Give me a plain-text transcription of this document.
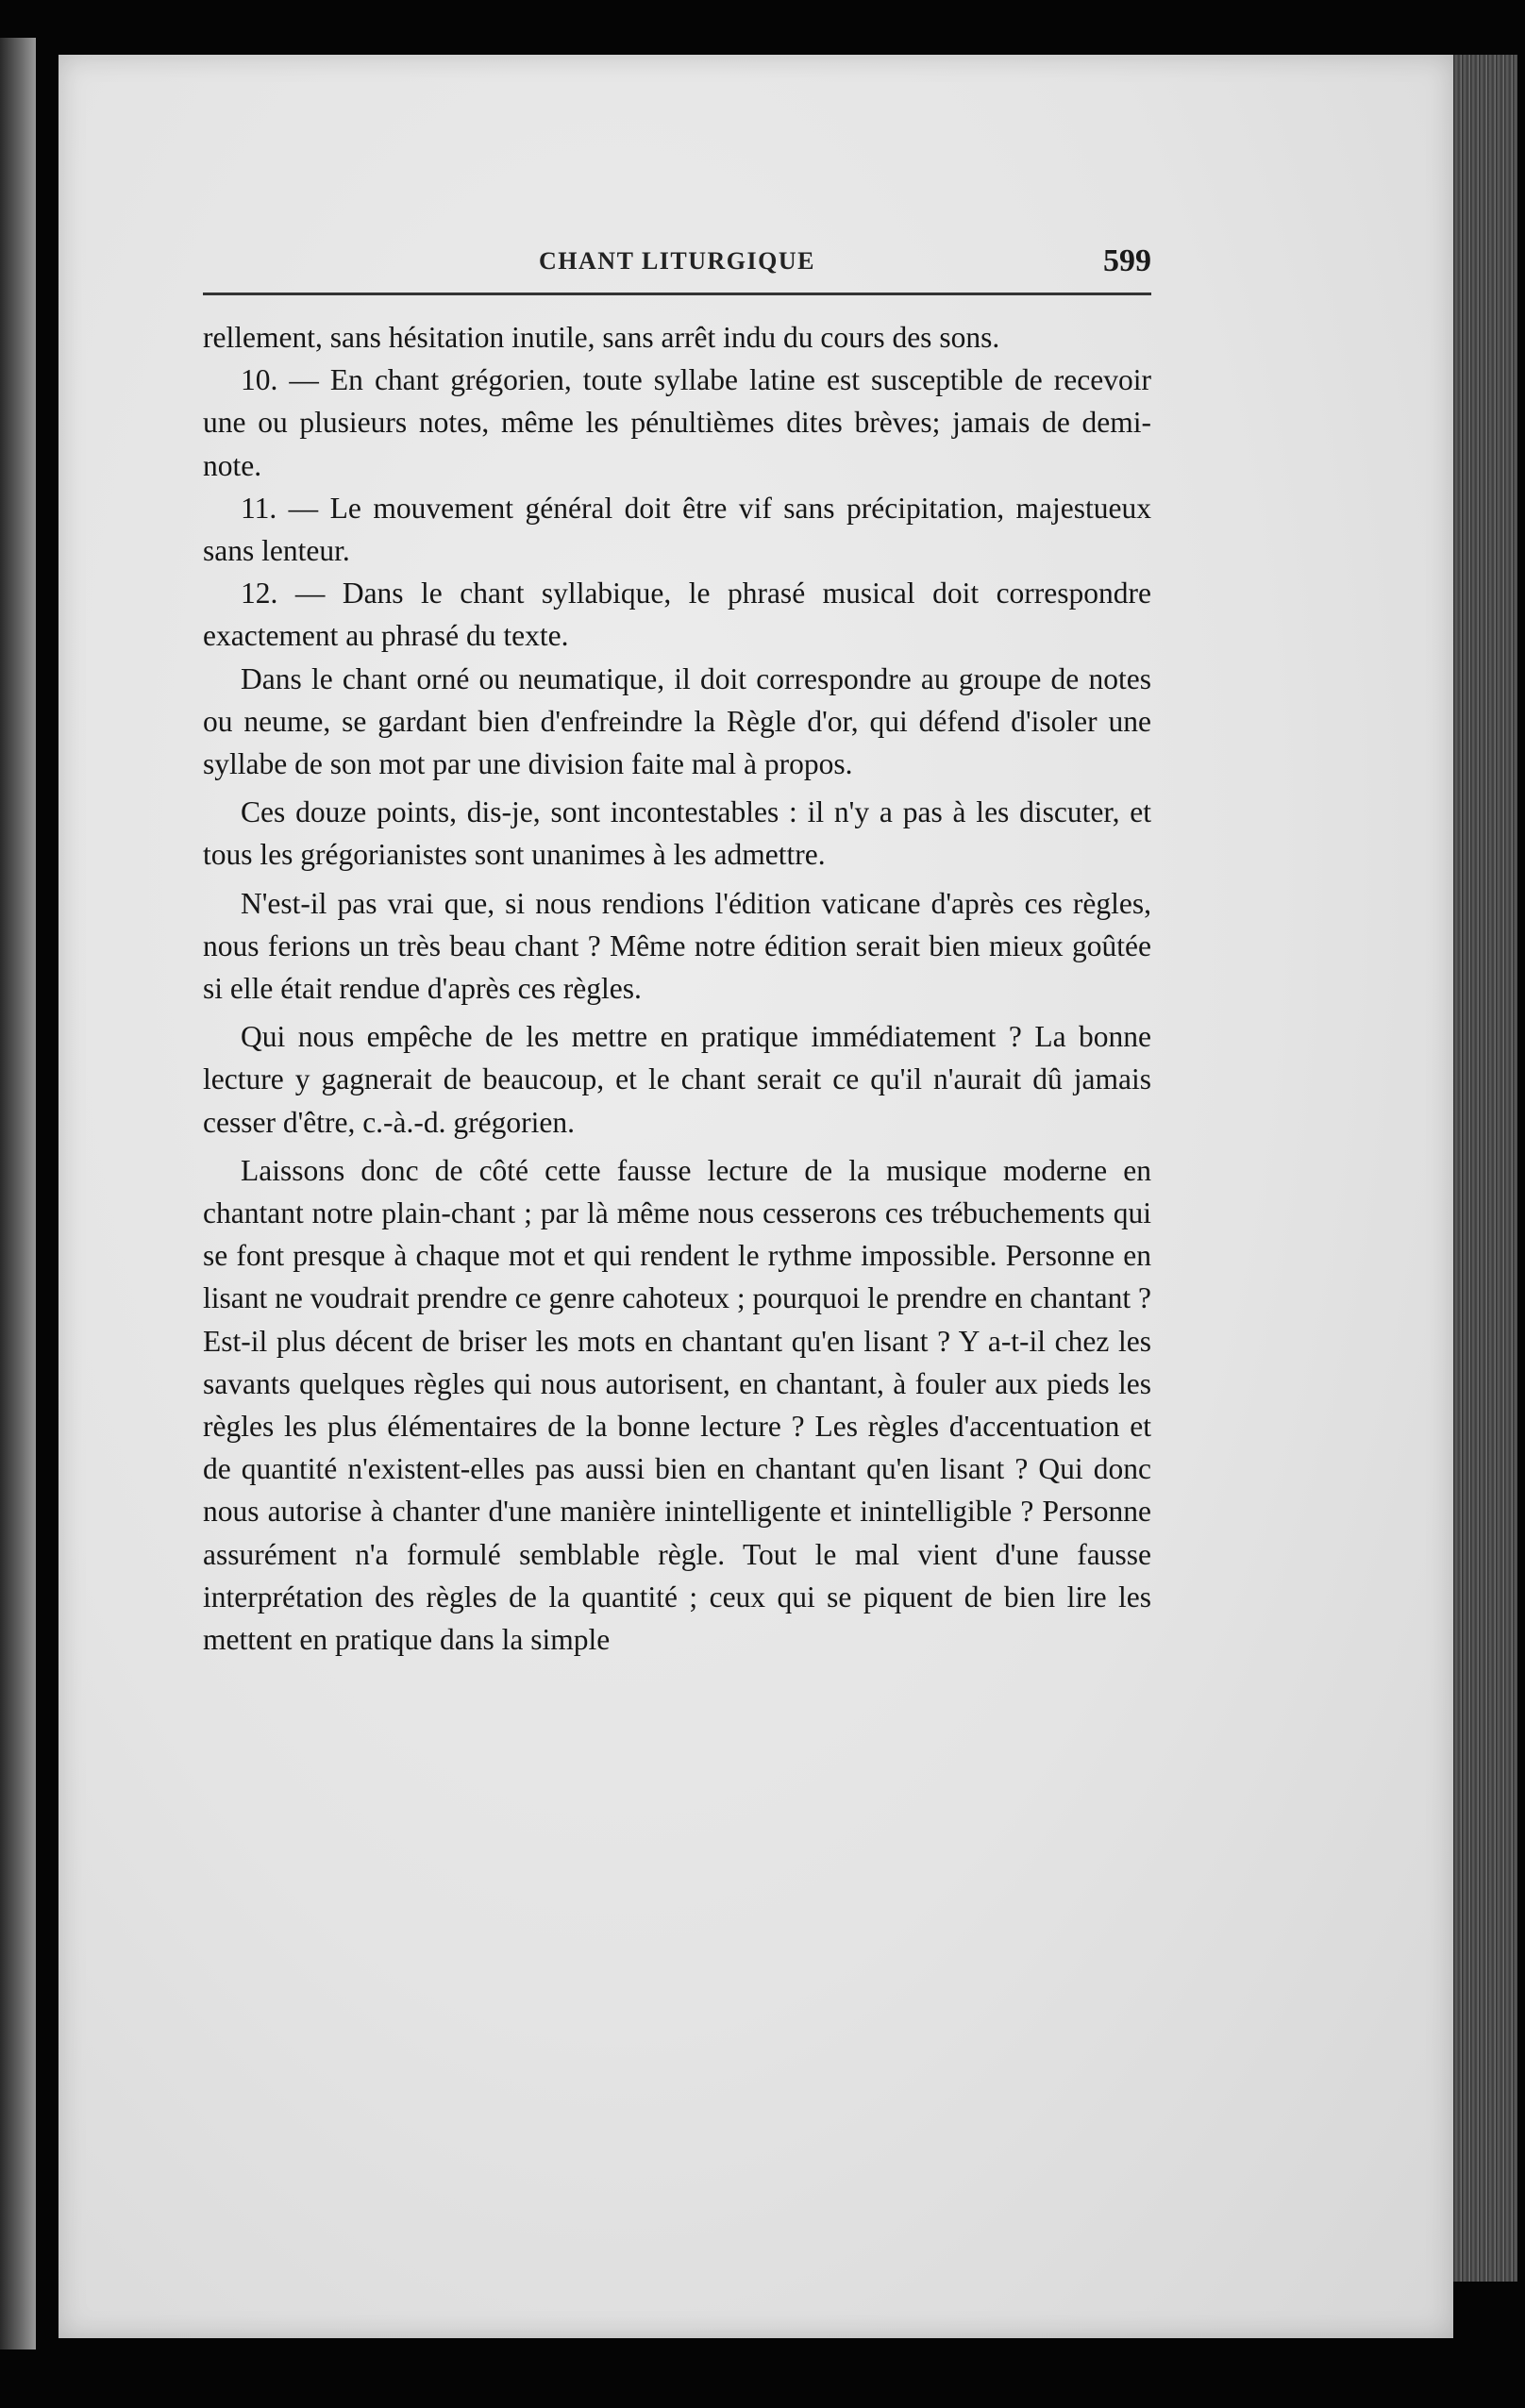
CHANT LITURGIQUE	599

rellement, sans hésitation inutile, sans arrêt indu du cours des sons.

10. — En chant grégorien, toute syllabe latine est susceptible de recevoir une ou plusieurs notes, même les pénultièmes dites brèves; jamais de demi-note.

11. — Le mouvement général doit être vif sans précipitation, majestueux sans lenteur.

12. — Dans le chant syllabique, le phrasé musical doit correspondre exactement au phrasé du texte.

Dans le chant orné ou neumatique, il doit correspondre au groupe de notes ou neume, se gardant bien d'enfreindre la Règle d'or, qui défend d'isoler une syllabe de son mot par une division faite mal à propos.

Ces douze points, dis-je, sont incontestables : il n'y a pas à les discuter, et tous les grégorianistes sont unanimes à les admettre.

N'est-il pas vrai que, si nous rendions l'édition vaticane d'après ces règles, nous ferions un très beau chant ? Même notre édition serait bien mieux goûtée si elle était rendue d'après ces règles.

Qui nous empêche de les mettre en pratique immédiatement ? La bonne lecture y gagnerait de beaucoup, et le chant serait ce qu'il n'aurait dû jamais cesser d'être, c.-à.-d. grégorien.

Laissons donc de côté cette fausse lecture de la musique moderne en chantant notre plain-chant ; par là même nous cesserons ces trébuchements qui se font presque à chaque mot et qui rendent le rythme impossible. Personne en lisant ne voudrait prendre ce genre cahoteux ; pourquoi le prendre en chantant ? Est-il plus décent de briser les mots en chantant qu'en lisant ? Y a-t-il chez les savants quelques règles qui nous autorisent, en chantant, à fouler aux pieds les règles les plus élémentaires de la bonne lecture ? Les règles d'accentuation et de quantité n'existent-elles pas aussi bien en chantant qu'en lisant ? Qui donc nous autorise à chanter d'une manière inintelligente et inintelligible ? Personne assurément n'a formulé semblable règle. Tout le mal vient d'une fausse interprétation des règles de la quantité ; ceux qui se piquent de bien lire les mettent en pratique dans la simple
